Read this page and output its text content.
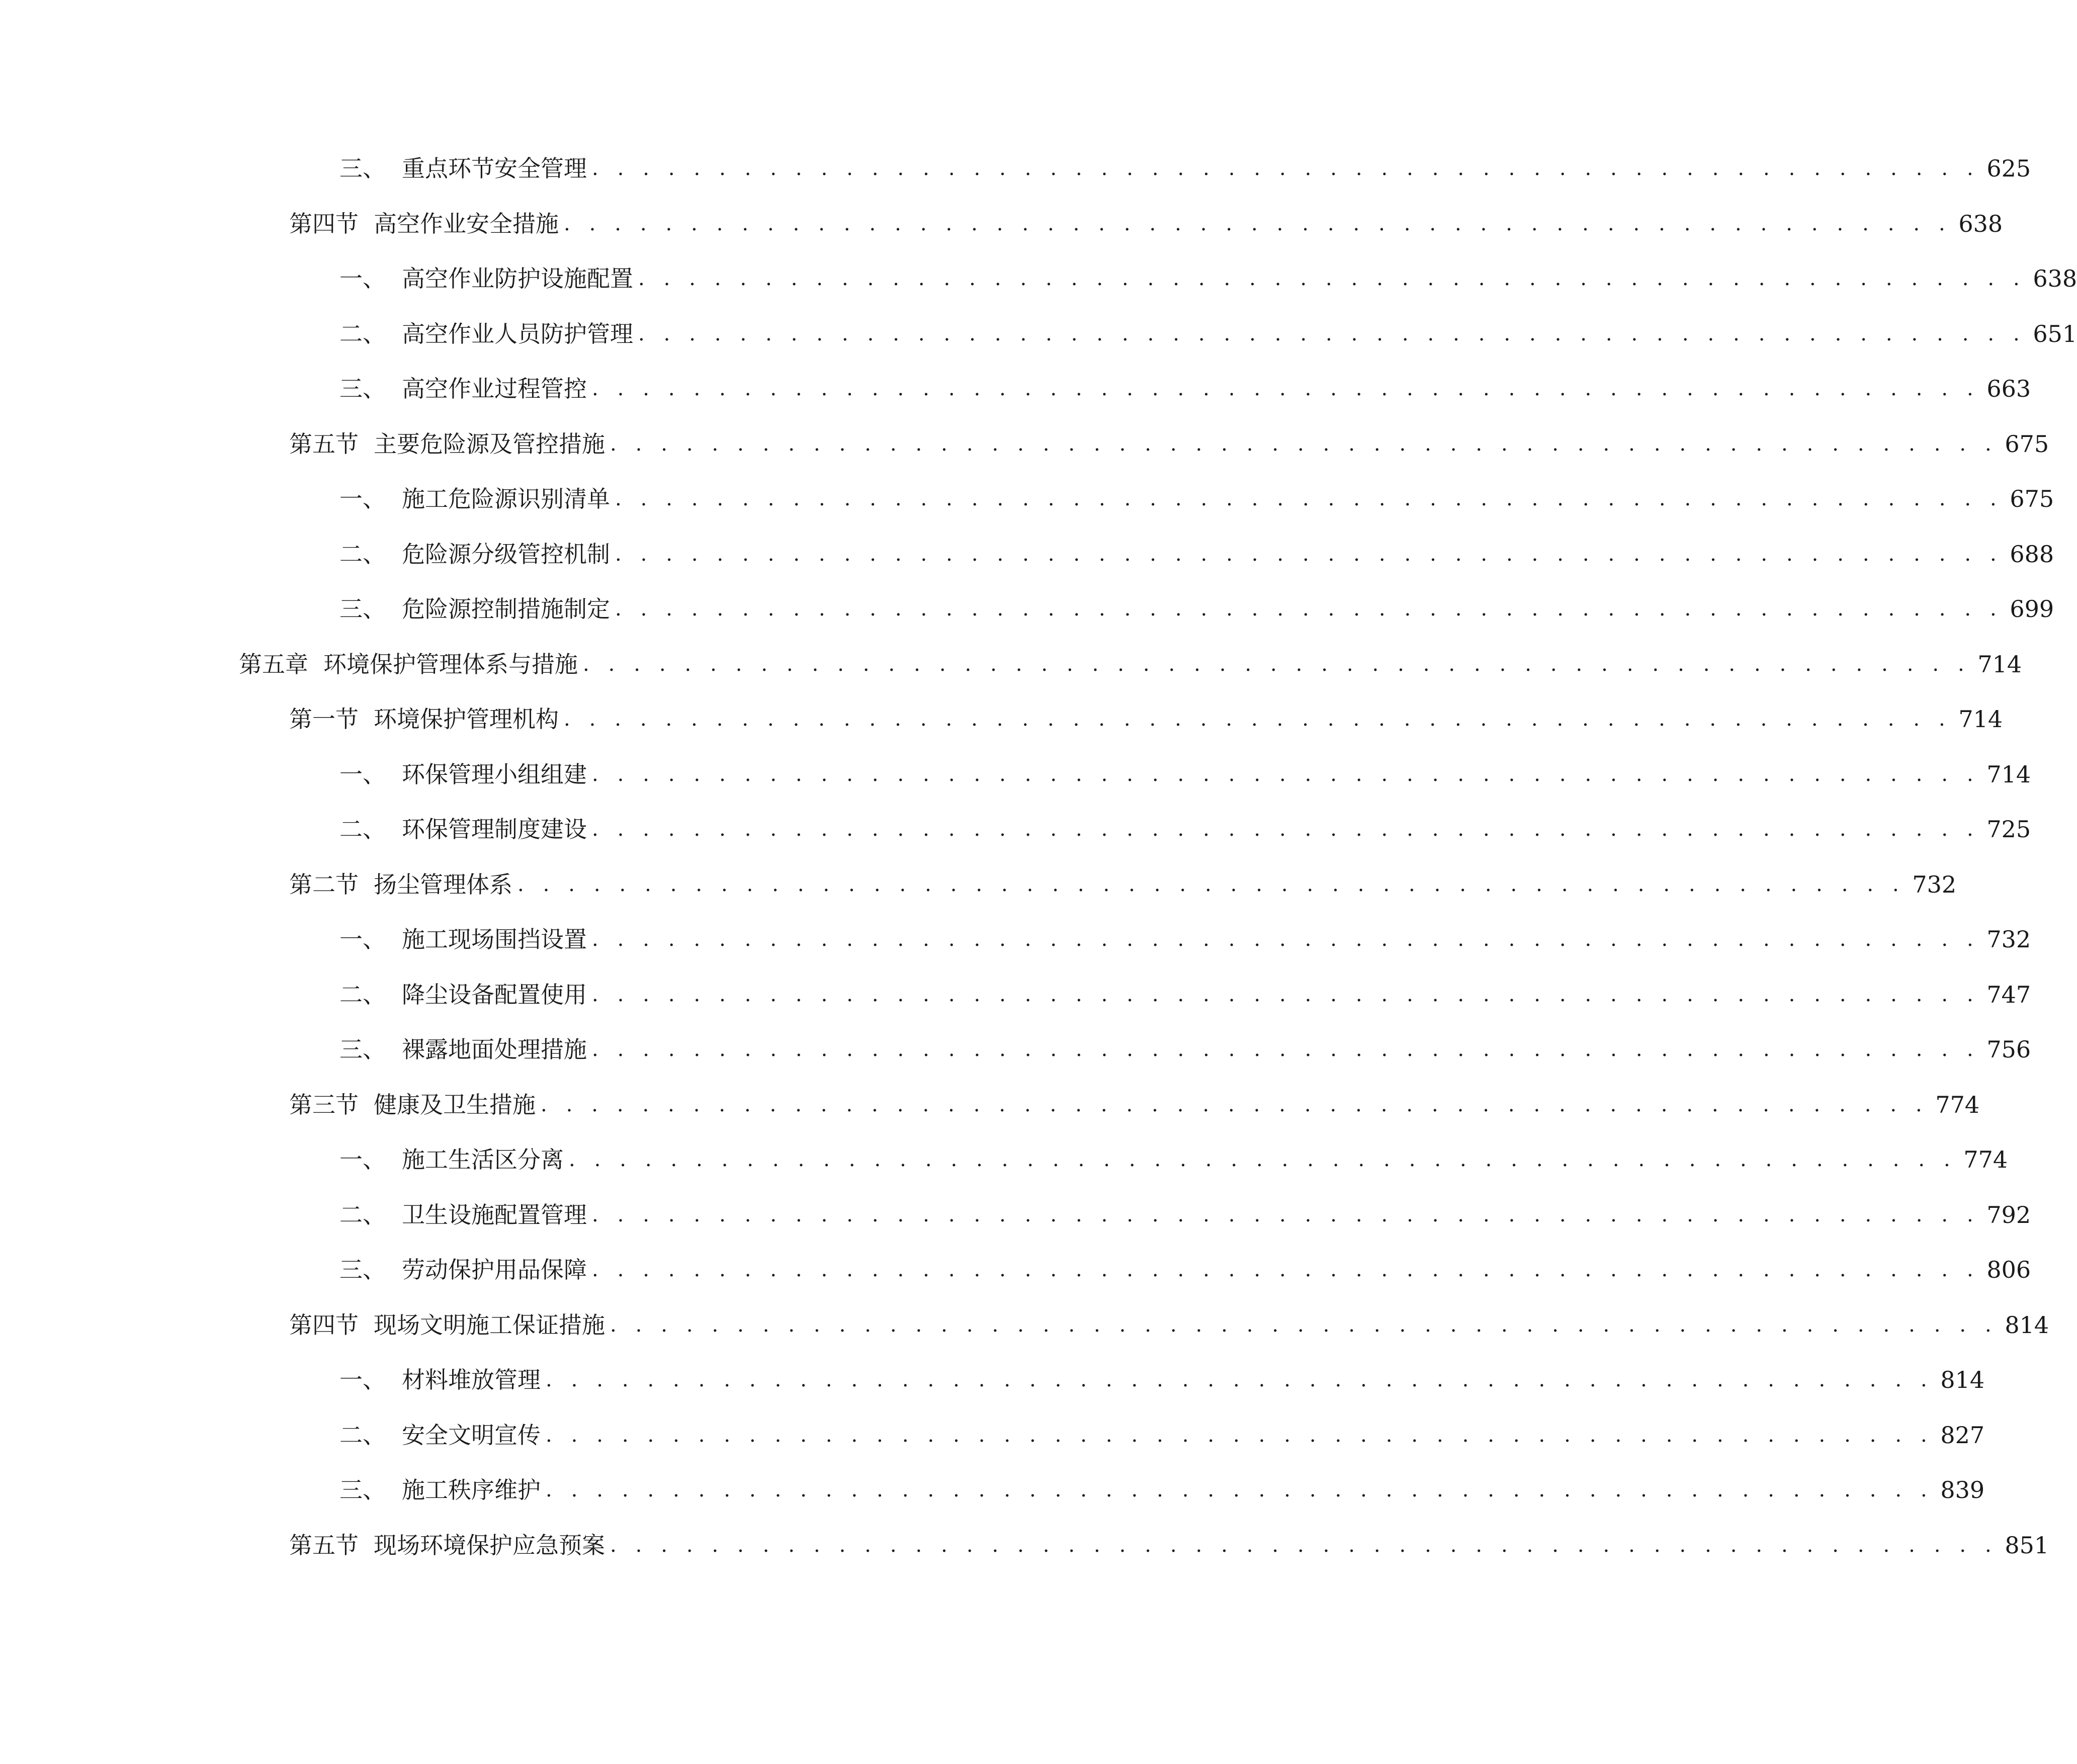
三、 重点环节安全管理 . . . . . . . . . . . . . . . . . . . . . . . . . . . . . . . . . . . . . . . . . . . . . . . . . . . . . . . 625
第四节 高空作业安全措施 . . . . . . . . . . . . . . . . . . . . . . . . . . . . . . . . . . . . . . . . . . . . . . . . . . . . . . . 638
一、 高空作业防护设施配置 . . . . . . . . . . . . . . . . . . . . . . . . . . . . . . . . . . . . . . . . . . . . . . . . . . . . . . . 638
二、 高空作业人员防护管理 . . . . . . . . . . . . . . . . . . . . . . . . . . . . . . . . . . . . . . . . . . . . . . . . . . . . . . . 651
三、 高空作业过程管控 . . . . . . . . . . . . . . . . . . . . . . . . . . . . . . . . . . . . . . . . . . . . . . . . . . . . . . . 663
第五节 主要危险源及管控措施 . . . . . . . . . . . . . . . . . . . . . . . . . . . . . . . . . . . . . . . . . . . . . . . . . . . . . . . 675
一、 施工危险源识别清单 . . . . . . . . . . . . . . . . . . . . . . . . . . . . . . . . . . . . . . . . . . . . . . . . . . . . . . . 675
二、 危险源分级管控机制 . . . . . . . . . . . . . . . . . . . . . . . . . . . . . . . . . . . . . . . . . . . . . . . . . . . . . . . 688
三、 危险源控制措施制定 . . . . . . . . . . . . . . . . . . . . . . . . . . . . . . . . . . . . . . . . . . . . . . . . . . . . . . . 699
第五章 环境保护管理体系与措施 . . . . . . . . . . . . . . . . . . . . . . . . . . . . . . . . . . . . . . . . . . . . . . . . . . . . . . . 714
第一节 环境保护管理机构 . . . . . . . . . . . . . . . . . . . . . . . . . . . . . . . . . . . . . . . . . . . . . . . . . . . . . . . 714
一、 环保管理小组组建 . . . . . . . . . . . . . . . . . . . . . . . . . . . . . . . . . . . . . . . . . . . . . . . . . . . . . . . 714
二、 环保管理制度建设 . . . . . . . . . . . . . . . . . . . . . . . . . . . . . . . . . . . . . . . . . . . . . . . . . . . . . . . 725
第二节 扬尘管理体系 . . . . . . . . . . . . . . . . . . . . . . . . . . . . . . . . . . . . . . . . . . . . . . . . . . . . . . . 732
一、 施工现场围挡设置 . . . . . . . . . . . . . . . . . . . . . . . . . . . . . . . . . . . . . . . . . . . . . . . . . . . . . . . 732
二、 降尘设备配置使用 . . . . . . . . . . . . . . . . . . . . . . . . . . . . . . . . . . . . . . . . . . . . . . . . . . . . . . . 747
三、 裸露地面处理措施 . . . . . . . . . . . . . . . . . . . . . . . . . . . . . . . . . . . . . . . . . . . . . . . . . . . . . . . 756
第三节 健康及卫生措施 . . . . . . . . . . . . . . . . . . . . . . . . . . . . . . . . . . . . . . . . . . . . . . . . . . . . . . . 774
一、 施工生活区分离 . . . . . . . . . . . . . . . . . . . . . . . . . . . . . . . . . . . . . . . . . . . . . . . . . . . . . . . 774
二、 卫生设施配置管理 . . . . . . . . . . . . . . . . . . . . . . . . . . . . . . . . . . . . . . . . . . . . . . . . . . . . . . . 792
三、 劳动保护用品保障 . . . . . . . . . . . . . . . . . . . . . . . . . . . . . . . . . . . . . . . . . . . . . . . . . . . . . . . 806
第四节 现场文明施工保证措施 . . . . . . . . . . . . . . . . . . . . . . . . . . . . . . . . . . . . . . . . . . . . . . . . . . . . . . . 814
一、 材料堆放管理 . . . . . . . . . . . . . . . . . . . . . . . . . . . . . . . . . . . . . . . . . . . . . . . . . . . . . . . 814
二、 安全文明宣传 . . . . . . . . . . . . . . . . . . . . . . . . . . . . . . . . . . . . . . . . . . . . . . . . . . . . . . . 827
三、 施工秩序维护 . . . . . . . . . . . . . . . . . . . . . . . . . . . . . . . . . . . . . . . . . . . . . . . . . . . . . . . 839
第五节 现场环境保护应急预案 . . . . . . . . . . . . . . . . . . . . . . . . . . . . . . . . . . . . . . . . . . . . . . . . . . . . . . . 851
